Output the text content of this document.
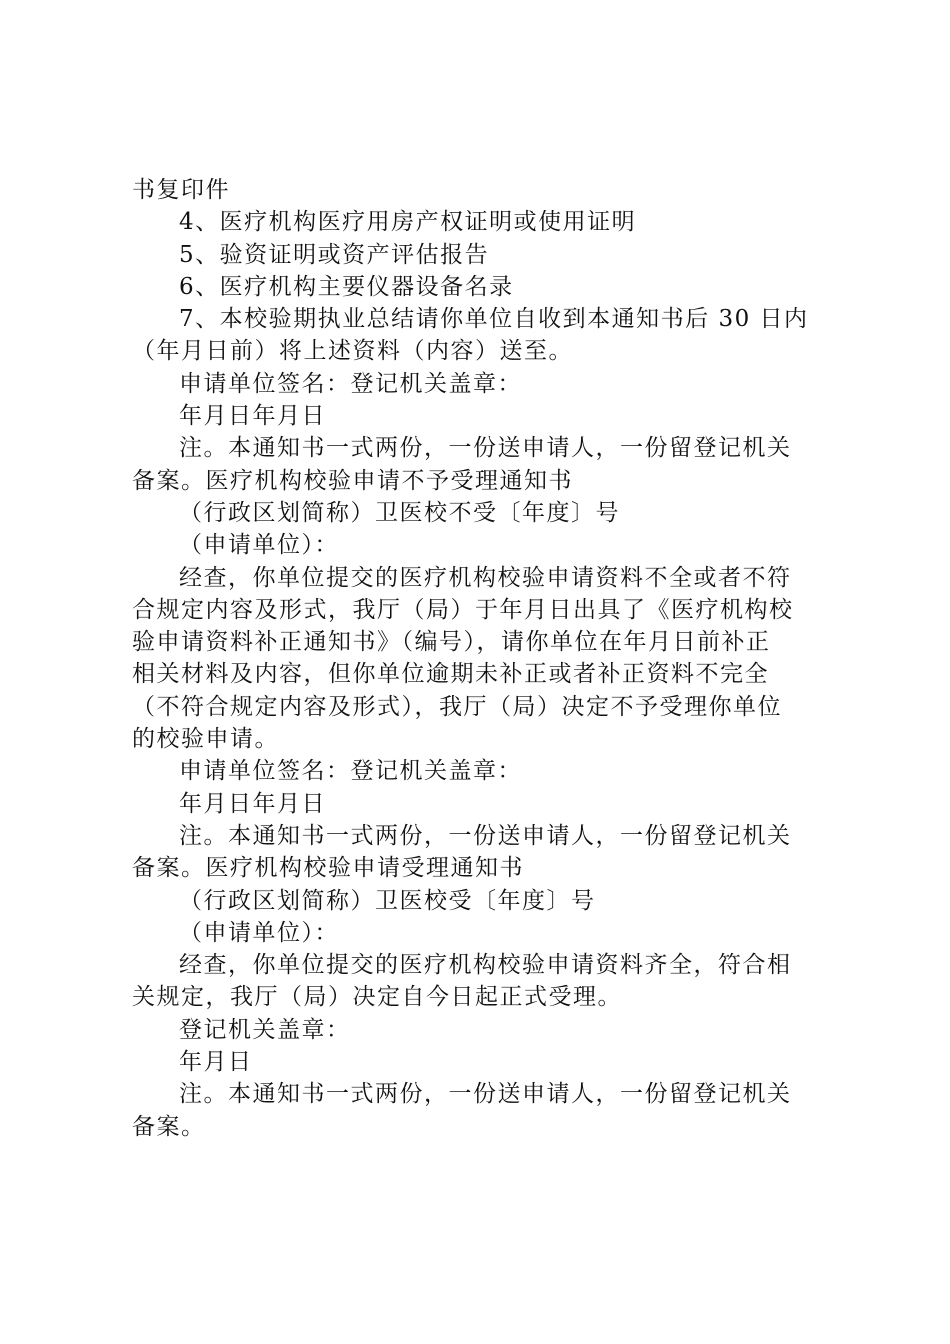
书复印件
4、医疗机构医疗用房产权证明或使用证明
5、验资证明或资产评估报告
6、医疗机构主要仪器设备名录
7、本校验期执业总结请你单位自收到本通知书后 30 日内
（年月日前）将上述资料（内容）送至。
申请单位签名：登记机关盖章：
年月日年月日
注。本通知书一式两份，一份送申请人，一份留登记机关
备案。医疗机构校验申请不予受理通知书
（行政区划简称）卫医校不受〔年度〕号
（申请单位）：
经查，你单位提交的医疗机构校验申请资料不全或者不符
合规定内容及形式，我厅（局）于年月日出具了《医疗机构校
验申请资料补正通知书》（编号），请你单位在年月日前补正
相关材料及内容，但你单位逾期未补正或者补正资料不完全
（不符合规定内容及形式），我厅（局）决定不予受理你单位
的校验申请。
申请单位签名：登记机关盖章：
年月日年月日
注。本通知书一式两份，一份送申请人，一份留登记机关
备案。医疗机构校验申请受理通知书
（行政区划简称）卫医校受〔年度〕号
（申请单位）：
经查，你单位提交的医疗机构校验申请资料齐全，符合相
关规定，我厅（局）决定自今日起正式受理。
登记机关盖章：
年月日
注。本通知书一式两份，一份送申请人，一份留登记机关
备案。
